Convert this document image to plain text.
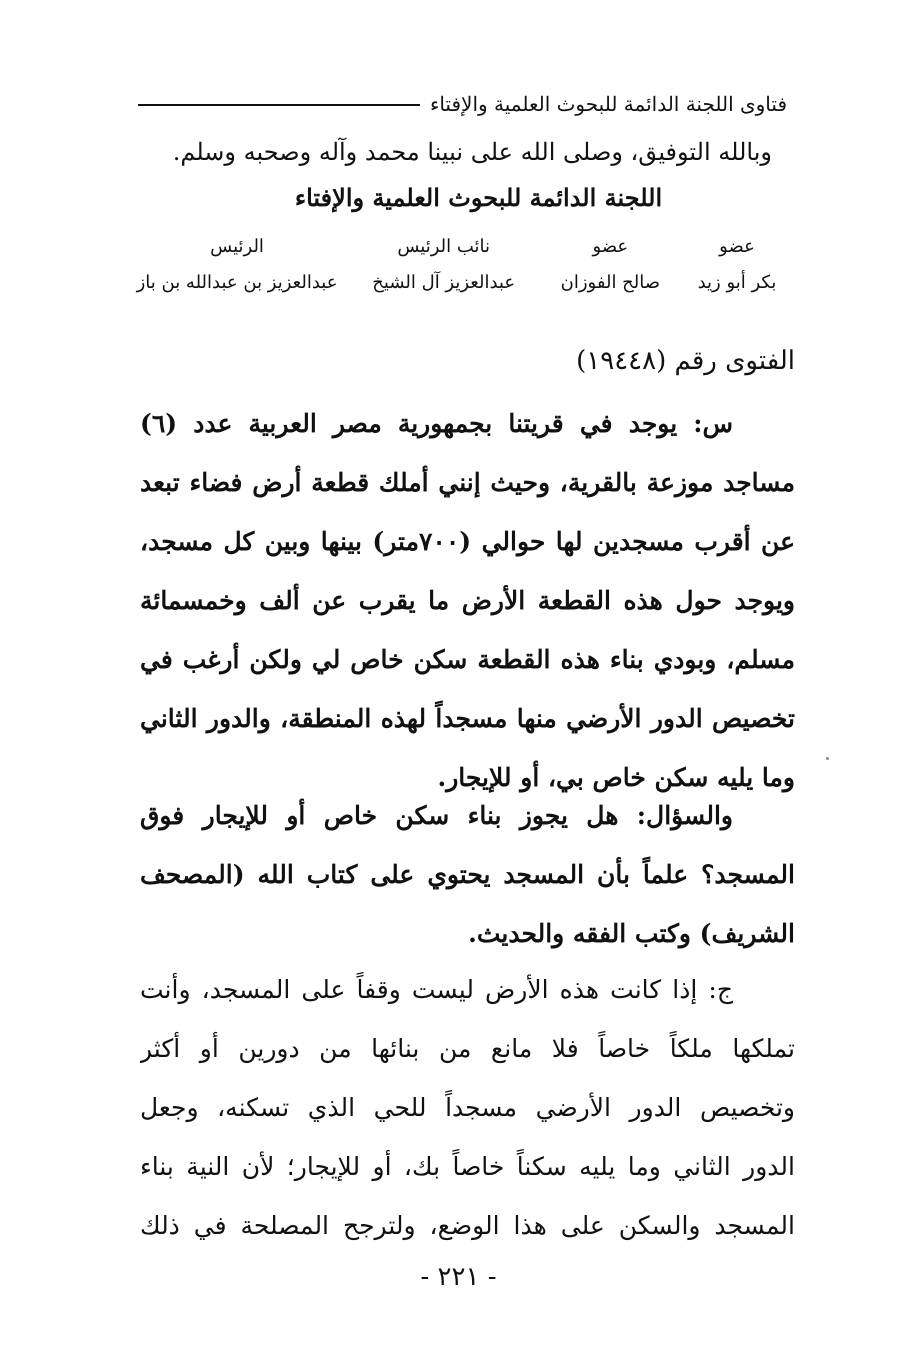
فتاوى اللجنة الدائمة للبحوث العلمية والإفتاء
وبالله التوفيق، وصلى الله على نبينا محمد وآله وصحبه وسلم.
اللجنة الدائمة للبحوث العلمية والإفتاء
عضو
عضو
نائب الرئيس
الرئيس
بكر أبو زيد
صالح الفوزان
عبدالعزيز آل الشيخ
عبدالعزيز بن عبدالله بن باز
الفتوى رقم (١٩٤٤٨)
س: يوجد في قريتنا بجمهورية مصر العربية عدد (٦)
مساجد موزعة بالقرية، وحيث إنني أملك قطعة أرض فضاء تبعد
عن أقرب مسجدين لها حوالي (٧٠٠متر) بينها وبين كل مسجد،
ويوجد حول هذه القطعة الأرض ما يقرب عن ألف وخمسمائة
مسلم، وبودي بناء هذه القطعة سكن خاص لي ولكن أرغب في
تخصيص الدور الأرضي منها مسجداً لهذه المنطقة، والدور الثاني
وما يليه سكن خاص بي، أو للإيجار.
والسؤال: هل يجوز بناء سكن خاص أو للإيجار فوق
المسجد؟ علماً بأن المسجد يحتوي على كتاب الله (المصحف
الشريف) وكتب الفقه والحديث.
ج: إذا كانت هذه الأرض ليست وقفاً على المسجد، وأنت
تملكها ملكاً خاصاً فلا مانع من بنائها من دورين أو أكثر
وتخصيص الدور الأرضي مسجداً للحي الذي تسكنه، وجعل
الدور الثاني وما يليه سكناً خاصاً بك، أو للإيجار؛ لأن النية بناء
المسجد والسكن على هذا الوضع، ولترجح المصلحة في ذلك
- ٢٢١ -
